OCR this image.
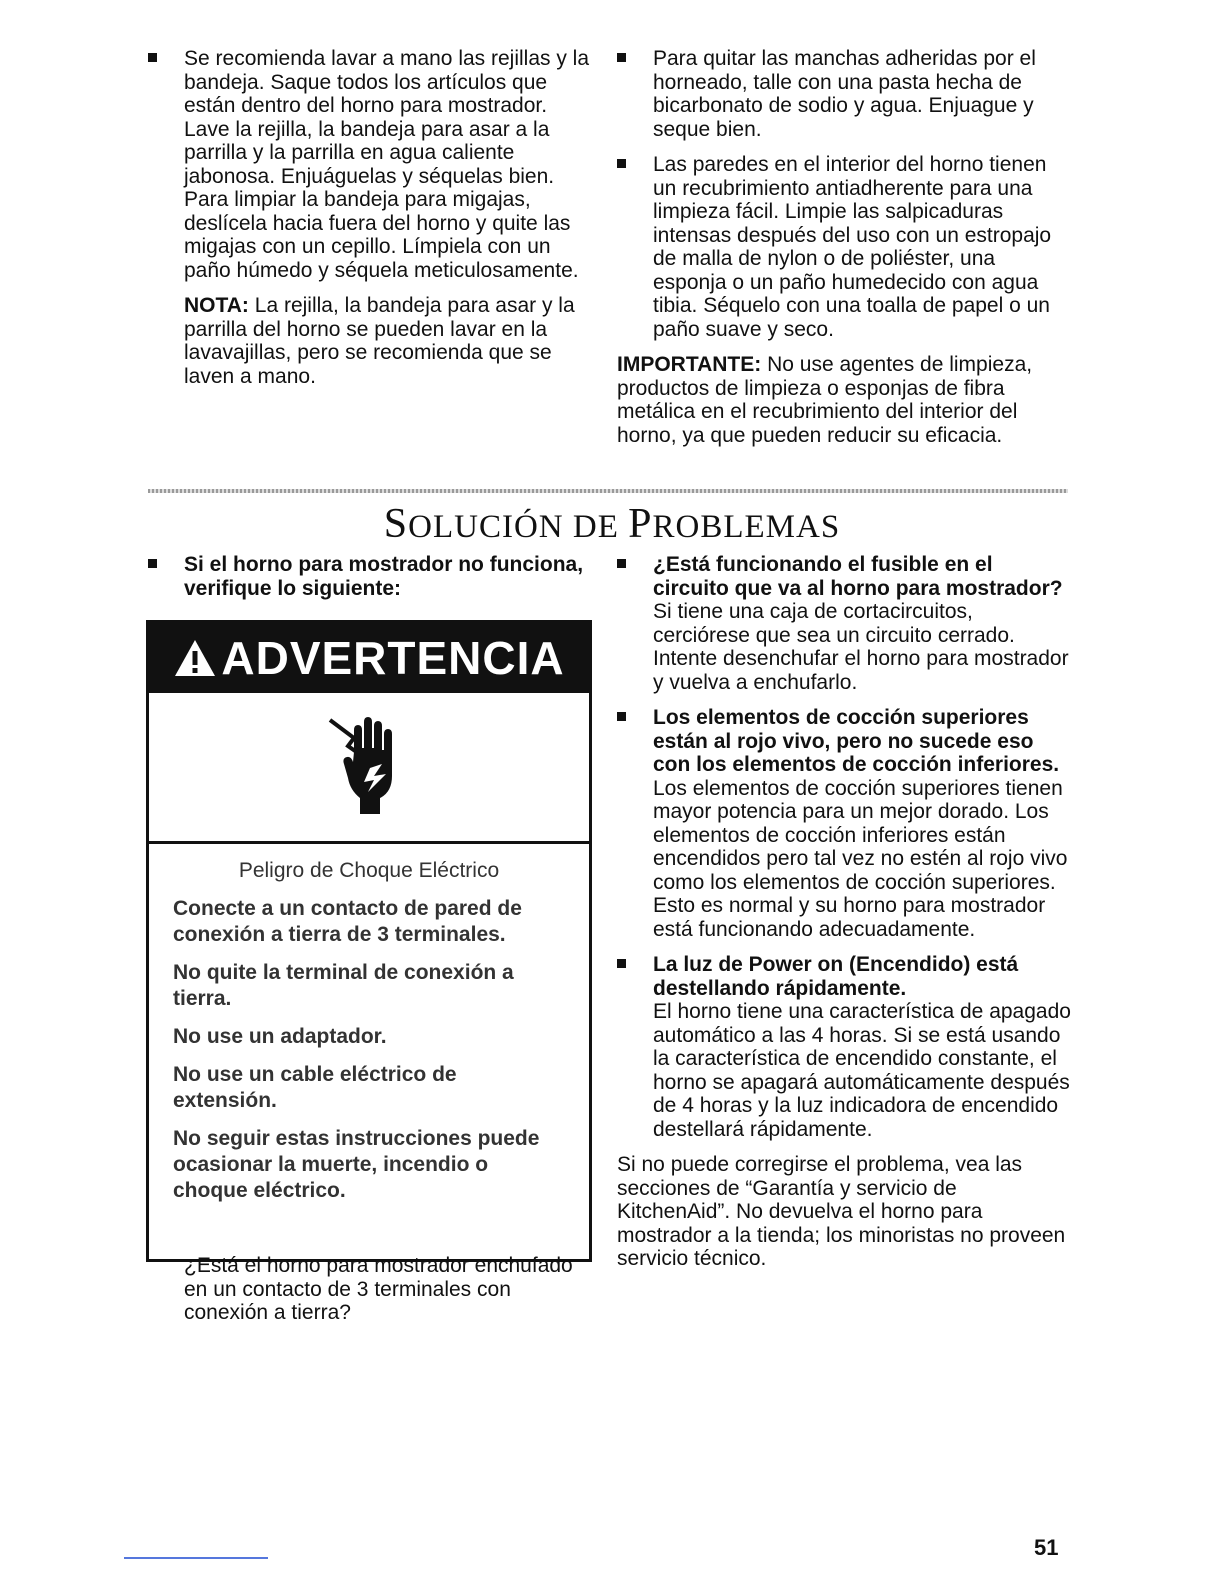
Se recomienda lavar a mano las rejillas y la bandeja. Saque todos los artículos que están dentro del horno para mostrador. Lave la rejilla, la bandeja para asar a la parrilla y la parrilla en agua caliente jabonosa. Enjuáguelas y séquelas bien. Para limpiar la bandeja para migajas, deslícela hacia fuera del horno y quite las migajas con un cepillo. Límpiela con un paño húmedo y séquela meticulosamente.

NOTA: La rejilla, la bandeja para asar y la parrilla del horno se pueden lavar en la lavavajillas, pero se recomienda que se laven a mano.

Para quitar las manchas adheridas por el horneado, talle con una pasta hecha de bicarbonato de sodio y agua. Enjuague y seque bien.

Las paredes en el interior del horno tienen un recubrimiento antiadherente para una limpieza fácil. Limpie las salpicaduras intensas después del uso con un estropajo de malla de nylon o de poliéster, una esponja o un paño humedecido con agua tibia. Séquelo con una toalla de papel o un paño suave y seco.

IMPORTANTE: No use agentes de limpieza, productos de limpieza o esponjas de fibra metálica en el recubrimiento del interior del horno, ya que pueden reducir su eficacia.

SOLUCIÓN DE PROBLEMAS

Si el horno para mostrador no funciona, verifique lo siguiente:

ADVERTENCIA

Peligro de Choque Eléctrico

Conecte a un contacto de pared de conexión a tierra de 3 terminales.

No quite la terminal de conexión a tierra.

No use un adaptador.

No use un cable eléctrico de extensión.

No seguir estas instrucciones puede ocasionar la muerte, incendio o choque eléctrico.

¿Está el horno para mostrador enchufado en un contacto de 3 terminales con conexión a tierra?

¿Está funcionando el fusible en el circuito que va al horno para mostrador?

Si tiene una caja de cortacircuitos, cerciórese que sea un circuito cerrado. Intente desenchufar el horno para mostrador y vuelva a enchufarlo.

Los elementos de cocción superiores están al rojo vivo, pero no sucede eso con los elementos de cocción inferiores.

Los elementos de cocción superiores tienen mayor potencia para un mejor dorado. Los elementos de cocción inferiores están encendidos pero tal vez no estén al rojo vivo como los elementos de cocción superiores. Esto es normal y su horno para mostrador está funcionando adecuadamente.

La luz de Power on (Encendido) está destellando rápidamente.

El horno tiene una característica de apagado automático a las 4 horas. Si se está usando la característica de encendido constante, el horno se apagará automáticamente después de 4 horas y la luz indicadora de encendido destellará rápidamente.

Si no puede corregirse el problema, vea las secciones de “Garantía y servicio de KitchenAid”. No devuelva el horno para mostrador a la tienda; los minoristas no proveen servicio técnico.

51
